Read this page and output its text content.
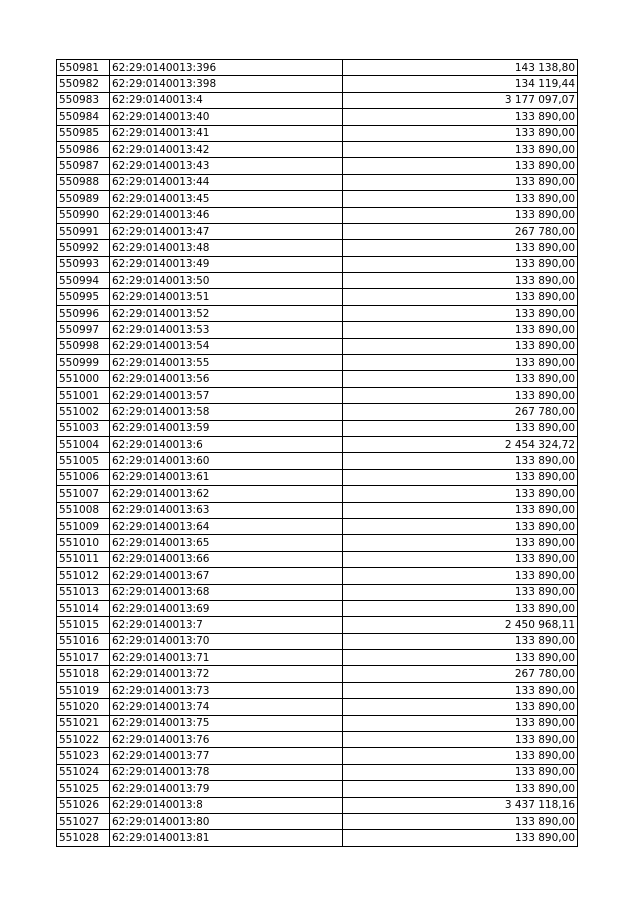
550981	62:29:0140013:396	143 138,80
550982	62:29:0140013:398	134 119,44
550983	62:29:0140013:4	3 177 097,07
550984	62:29:0140013:40	133 890,00
550985	62:29:0140013:41	133 890,00
550986	62:29:0140013:42	133 890,00
550987	62:29:0140013:43	133 890,00
550988	62:29:0140013:44	133 890,00
550989	62:29:0140013:45	133 890,00
550990	62:29:0140013:46	133 890,00
550991	62:29:0140013:47	267 780,00
550992	62:29:0140013:48	133 890,00
550993	62:29:0140013:49	133 890,00
550994	62:29:0140013:50	133 890,00
550995	62:29:0140013:51	133 890,00
550996	62:29:0140013:52	133 890,00
550997	62:29:0140013:53	133 890,00
550998	62:29:0140013:54	133 890,00
550999	62:29:0140013:55	133 890,00
551000	62:29:0140013:56	133 890,00
551001	62:29:0140013:57	133 890,00
551002	62:29:0140013:58	267 780,00
551003	62:29:0140013:59	133 890,00
551004	62:29:0140013:6	2 454 324,72
551005	62:29:0140013:60	133 890,00
551006	62:29:0140013:61	133 890,00
551007	62:29:0140013:62	133 890,00
551008	62:29:0140013:63	133 890,00
551009	62:29:0140013:64	133 890,00
551010	62:29:0140013:65	133 890,00
551011	62:29:0140013:66	133 890,00
551012	62:29:0140013:67	133 890,00
551013	62:29:0140013:68	133 890,00
551014	62:29:0140013:69	133 890,00
551015	62:29:0140013:7	2 450 968,11
551016	62:29:0140013:70	133 890,00
551017	62:29:0140013:71	133 890,00
551018	62:29:0140013:72	267 780,00
551019	62:29:0140013:73	133 890,00
551020	62:29:0140013:74	133 890,00
551021	62:29:0140013:75	133 890,00
551022	62:29:0140013:76	133 890,00
551023	62:29:0140013:77	133 890,00
551024	62:29:0140013:78	133 890,00
551025	62:29:0140013:79	133 890,00
551026	62:29:0140013:8	3 437 118,16
551027	62:29:0140013:80	133 890,00
551028	62:29:0140013:81	133 890,00
